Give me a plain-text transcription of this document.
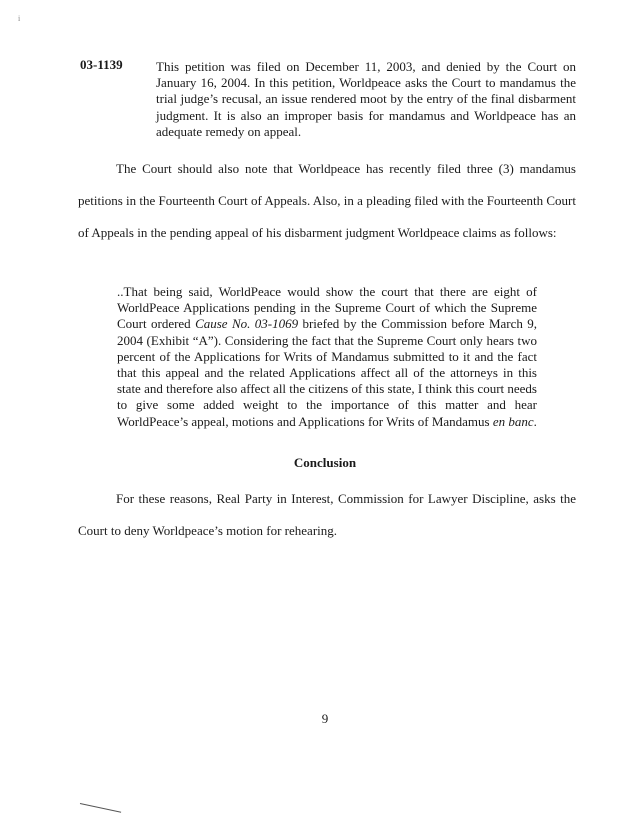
i
03-1139	This petition was filed on December 11, 2003, and denied by the Court on January 16, 2004. In this petition, Worldpeace asks the Court to mandamus the trial judge’s recusal, an issue rendered moot by the entry of the final disbarment judgment. It is also an improper basis for mandamus and Worldpeace has an adequate remedy on appeal.
The Court should also note that Worldpeace has recently filed three (3) mandamus petitions in the Fourteenth Court of Appeals. Also, in a pleading filed with the Fourteenth Court of Appeals in the pending appeal of his disbarment judgment Worldpeace claims as follows:
..That being said, WorldPeace would show the court that there are eight of WorldPeace Applications pending in the Supreme Court of which the Supreme Court ordered Cause No. 03-1069 briefed by the Commission before March 9, 2004 (Exhibit “A”). Considering the fact that the Supreme Court only hears two percent of the Applications for Writs of Mandamus submitted to it and the fact that this appeal and the related Applications affect all of the attorneys in this state and therefore also affect all the citizens of this state, I think this court needs to give some added weight to the importance of this matter and hear WorldPeace’s appeal, motions and Applications for Writs of Mandamus en banc.
Conclusion
For these reasons, Real Party in Interest, Commission for Lawyer Discipline, asks the Court to deny Worldpeace’s motion for rehearing.
9
